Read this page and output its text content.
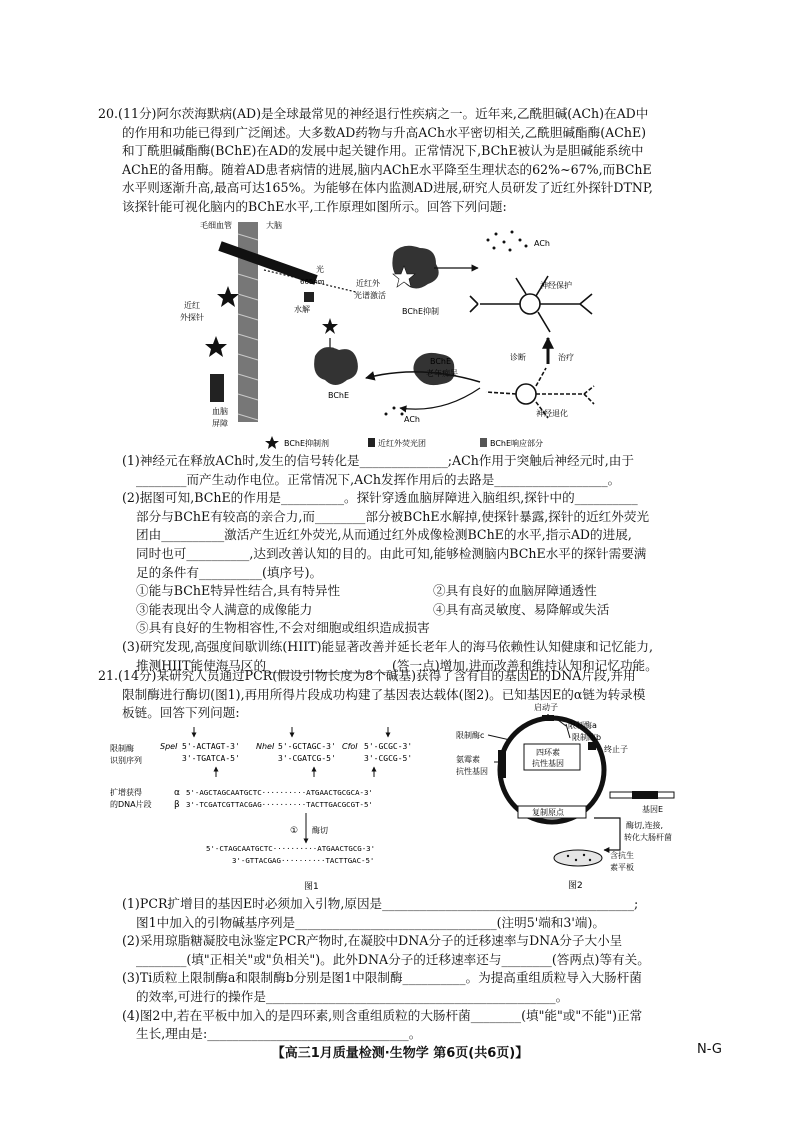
20.(11分)阿尔茨海默病(AD)是全球最常见的神经退行性疾病之一。近年来,乙酰胆碱(ACh)在AD中

的作用和功能已得到广泛阐述。大多数AD药物与升高ACh水平密切相关,乙酰胆碱酯酶(AChE)

和丁酰胆碱酯酶(BChE)在AD的发展中起关键作用。正常情况下,BChE被认为是胆碱能系统中

AChE的备用酶。随着AD患者病情的进展,脑内AChE水平降至生理状态的62%~67%,而BChE

水平则逐渐升高,最高可达165%。为能够在体内监测AD进展,研究人员研发了近红外探针DTNP,

该探针能可视化脑内的BChE水平,工作原理如图所示。回答下列问题:

毛细血管	大脑
光
665nm
近红
外探针
血脑
屏障
水解
BChE
近红外
光谱激活
BChE抑制
ACh
神经保护
诊断	治疗
BChE
老年痴呆
ACh
神经退化
BChE抑制剂	近红外荧光团	BChE响应部分

(1)神经元在释放ACh时,发生的信号转化是______________;ACh作用于突触后神经元时,由于

________而产生动作电位。正常情况下,ACh发挥作用后的去路是__________________。

(2)据图可知,BChE的作用是__________。探针穿透血脑屏障进入脑组织,探针中的__________

部分与BChE有较高的亲合力,而________部分被BChE水解掉,使探针暴露,探针的近红外荧光

团由__________激活产生近红外荧光,从而通过红外成像检测BChE的水平,指示AD的进展,

同时也可__________,达到改善认知的目的。由此可知,能够检测脑内BChE水平的探针需要满

足的条件有__________(填序号)。

①能与BChE特异性结合,具有特异性	②具有良好的血脑屏障通透性
③能表现出令人满意的成像能力	④具有高灵敏度、易降解或失活
⑤具有良好的生物相容性,不会对细胞或组织造成损害

(3)研究发现,高强度间歇训练(HIIT)能显著改善并延长老年人的海马依赖性认知健康和记忆能力,

推测HIIT能使海马区的____________________(答一点)增加,进而改善和维持认知和记忆功能。

21.(14分)某研究人员通过PCR(假设引物长度为8个碱基)获得了含有目的基因E的DNA片段,并用

限制酶进行酶切(图1),再用所得片段成功构建了基因表达载体(图2)。已知基因E的α链为转录模

板链。回答下列问题:

限制酶
识别序列
SpeⅠ 5'-ACTAGT-3'
3'-TGATCA-5'
NheⅠ 5'-GCTAGC-3'
3'-CGATCG-5'
CfoⅠ 5'-GCGC-3'
3'-CGCG-5'
扩增获得
的DNA片段
α
β
5'-AGCTAGCAATGCTC··········ATGAACTGCGCA-3'
3'-TCGATCGTTACGAG··········TACTTGACGCGT-5'
① 酶切
5'-CTAGCAATGCTC··········ATGAACTGCG-3'
3'-GTTACGAG··········TACTTGAC-5'
图1
启动子
限制酶a
限制酶b
限制酶c
四环素
抗性基因
终止子
氨霉素
抗性基因
复制原点	基因E
酶切,连接,
转化大肠杆菌
含抗生
素平板
图2

(1)PCR扩增目的基因E时必须加入引物,原因是________________________________________;

图1中加入的引物碱基序列是________________________________(注明5'端和3'端)。

(2)采用琼脂糖凝胶电泳鉴定PCR产物时,在凝胶中DNA分子的迁移速率与DNA分子大小呈

________(填"正相关"或"负相关")。此外DNA分子的迁移速率还与________(答两点)等有关。

(3)Ti质粒上限制酶a和限制酶b分别是图1中限制酶__________。为提高重组质粒导入大肠杆菌

的效率,可进行的操作是______________________________________________。

(4)图2中,若在平板中加入的是四环素,则含重组质粒的大肠杆菌________(填"能"或"不能")正常

生长,理由是:________________________________。

【高三1月质量检测·生物学 第6页(共6页)】	N-G
